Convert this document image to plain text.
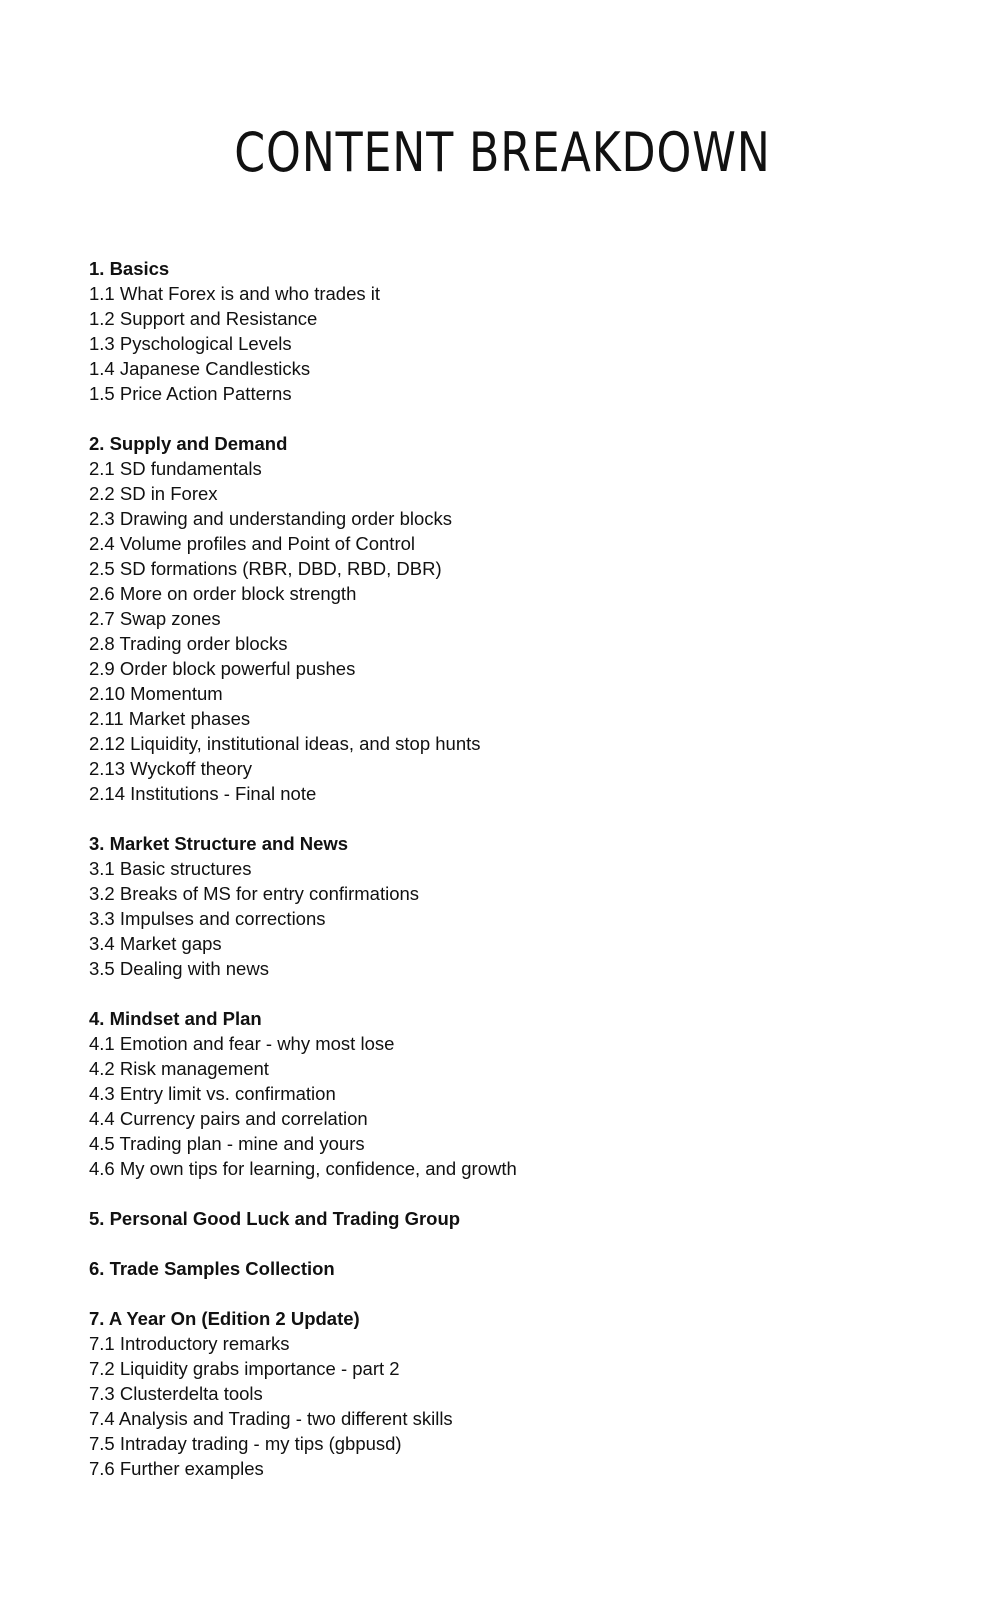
CONTENT BREAKDOWN
1. Basics
1.1 What Forex is and who trades it
1.2 Support and Resistance
1.3 Pyschological Levels
1.4 Japanese Candlesticks
1.5 Price Action Patterns
2. Supply and Demand
2.1 SD fundamentals
2.2 SD in Forex
2.3 Drawing and understanding order blocks
2.4 Volume profiles and Point of Control
2.5 SD formations (RBR, DBD, RBD, DBR)
2.6 More on order block strength
2.7 Swap zones
2.8 Trading order blocks
2.9 Order block powerful pushes
2.10 Momentum
2.11 Market phases
2.12 Liquidity, institutional ideas, and stop hunts
2.13 Wyckoff theory
2.14 Institutions - Final note
3. Market Structure and News
3.1 Basic structures
3.2 Breaks of MS for entry confirmations
3.3 Impulses and corrections
3.4 Market gaps
3.5 Dealing with news
4. Mindset and Plan
4.1 Emotion and fear - why most lose
4.2 Risk management
4.3 Entry limit vs. confirmation
4.4 Currency pairs and correlation
4.5 Trading plan - mine and yours
4.6 My own tips for learning, confidence, and growth
5. Personal Good Luck and Trading Group
6. Trade Samples Collection
7. A Year On (Edition 2 Update)
7.1 Introductory remarks
7.2 Liquidity grabs importance - part 2
7.3 Clusterdelta tools
7.4 Analysis and Trading - two different skills
7.5 Intraday trading - my tips (gbpusd)
7.6 Further examples
